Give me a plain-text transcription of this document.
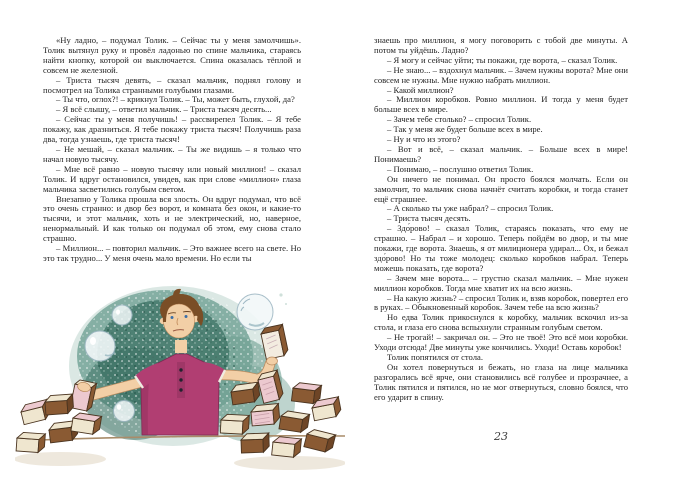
«Ну ладно, – подумал Толик. – Сейчас ты у меня замолчишь». Толик вытянул руку и провёл ладонью по спине мальчика, стараясь найти кнопку, которой он выключается. Спина оказалась тёплой и совсем не железной.

– Триста тысяч девять, – сказал мальчик, поднял голову и посмотрел на Толика странными голубыми глазами.

– Ты что, оглох?! – крикнул Толик. – Ты, может быть, глухой, да?

– Я всё слышу, – ответил мальчик. – Триста тысяч десять...

– Сейчас ты у меня получишь! – рассвирепел Толик. – Я тебе покажу, как дразниться. Я тебе покажу триста тысяч! Получишь раза два, тогда узнаешь, где триста тысяч!

– Не мешай, – сказал мальчик. – Ты же видишь – я только что начал новую тысячу.

– Мне всё равно – новую тысячу или новый миллион! – сказал Толик. И вдруг остановился, увидев, как при слове «миллион» глаза мальчика засветились голубым светом.

Внезапно у Толика прошла вся злость. Он вдруг подумал, что всё это очень странно: и двор без ворот, и комната без окон, и какие-то тысячи, и этот мальчик, хоть и не электрический, но, наверное, ненормальный. И как только он подумал об этом, ему снова стало страшно.

– Миллион... – повторил мальчик. – Это важнее всего на свете. Но это так трудно... У меня очень мало времени. Но если ты

знаешь про миллион, я могу поговорить с тобой две минуты. А потом ты уйдёшь. Ладно?

– Я могу и сейчас уйти; ты покажи, где ворота, – сказал Толик.

– Не знаю... – вздохнул мальчик. – Зачем нужны ворота? Мне они совсем не нужны. Мне нужно набрать миллион.

– Какой миллион?

– Миллион коробков. Ровно миллион. И тогда у меня будет больше всех в мире.

– Зачем тебе столько? – спросил Толик.

– Так у меня же будет больше всех в мире.

– Ну и что из этого?

– Вот и всё, – сказал мальчик. – Больше всех в мире! Понимаешь?

– Понимаю, – послушно ответил Толик.

Он ничего не понимал. Он просто боялся молчать. Если он замолчит, то мальчик снова начнёт считать коробки, и тогда станет ещё страшнее.

– А сколько ты уже набрал? – спросил Толик.

– Триста тысяч десять.

– Здо́рово! – сказал Толик, стараясь показать, что ему не страшно. – Набрал – и хорошо. Теперь пойдём во двор, и ты мне покажи, где ворота. Знаешь, я от милиционера удирал... Ох, и бежал здо́рово! Но ты тоже молодец: сколько коробков набрал. Теперь можешь показать, где ворота?

– Зачем мне ворота... – грустно сказал мальчик. – Мне нужен миллион коробков. Тогда мне хватит их на всю жизнь.

– На какую жизнь? – спросил Толик и, взяв коробок, повертел его в руках. – Обыкновенный коробок. Зачем тебе на всю жизнь?

Но едва Толик прикоснулся к коробку, мальчик вскочил из-за стола, и глаза его снова вспыхнули странным голубым светом.

– Не трогай! – закричал он. – Это не твоё! Это всё мои коробки. Уходи отсюда! Две минуты уже кончились. Уходи! Оставь коробок!

Толик попятился от стола.

Он хотел повернуться и бежать, но глаза на лице мальчика разгорались всё ярче, они становились всё голубее и прозрачнее, а Толик пятился и пятился, но не мог отвернуться, словно боялся, что его ударит в спину.

23
